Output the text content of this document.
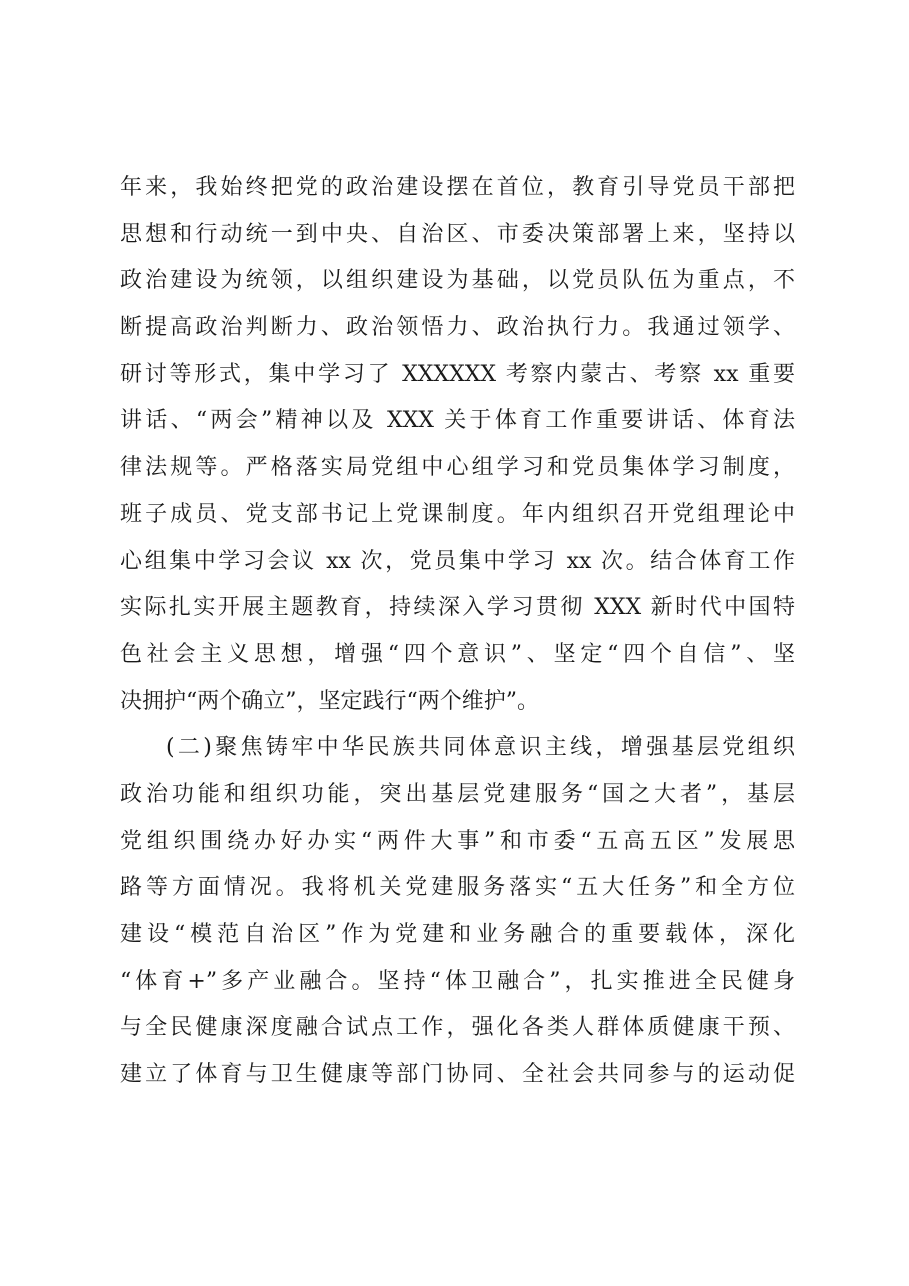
年来，我始终把党的政治建设摆在首位，教育引导党员干部把
思想和行动统一到中央、自治区、市委决策部署上来，坚持以
政治建设为统领，以组织建设为基础，以党员队伍为重点，不
断提高政治判断力、政治领悟力、政治执行力。我通过领学、
研讨等形式，集中学习了 XXXXXX 考察内蒙古、考察 xx 重要
讲话、“两会”精神以及 XXX 关于体育工作重要讲话、体育法
律法规等。严格落实局党组中心组学习和党员集体学习制度，
班子成员、党支部书记上党课制度。年内组织召开党组理论中
心组集中学习会议 xx 次，党员集中学习 xx 次。结合体育工作
实际扎实开展主题教育，持续深入学习贯彻 XXX 新时代中国特
色社会主义思想，增强“四个意识”、坚定“四个自信”、坚
决拥护“两个确立”，坚定践行“两个维护”。
(二)聚焦铸牢中华民族共同体意识主线，增强基层党组织
政治功能和组织功能，突出基层党建服务“国之大者”，基层
党组织围绕办好办实“两件大事”和市委“五高五区”发展思
路等方面情况。我将机关党建服务落实“五大任务”和全方位
建设“模范自治区”作为党建和业务融合的重要载体，深化
“体育+”多产业融合。坚持“体卫融合”，扎实推进全民健身
与全民健康深度融合试点工作，强化各类人群体质健康干预、
建立了体育与卫生健康等部门协同、全社会共同参与的运动促
